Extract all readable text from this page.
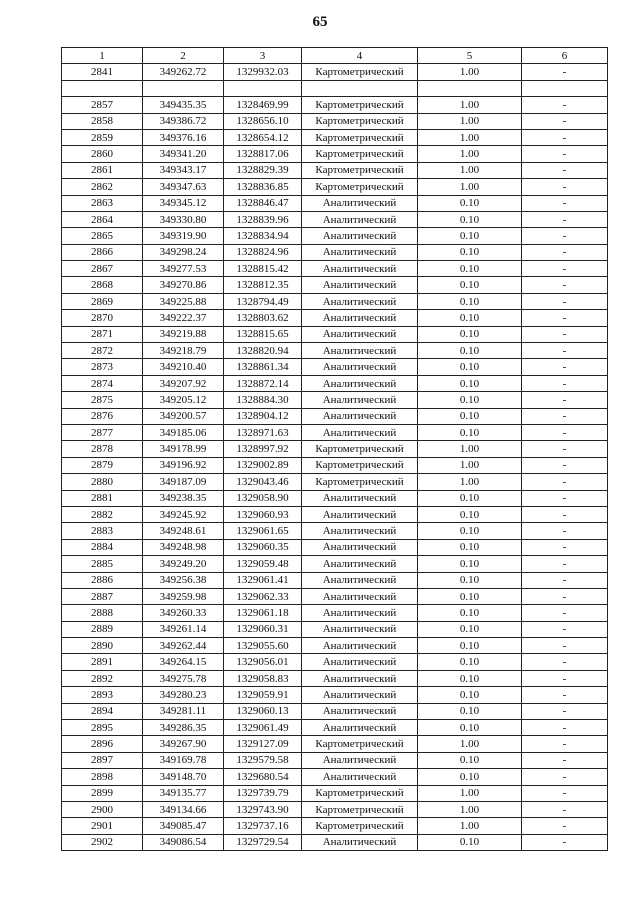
65
1	2	3	4	5	6
2841	349262.72	1329932.03	Картометрический	1.00	-

2857	349435.35	1328469.99	Картометрический	1.00	-
2858	349386.72	1328656.10	Картометрический	1.00	-
2859	349376.16	1328654.12	Картометрический	1.00	-
2860	349341.20	1328817.06	Картометрический	1.00	-
2861	349343.17	1328829.39	Картометрический	1.00	-
2862	349347.63	1328836.85	Картометрический	1.00	-
2863	349345.12	1328846.47	Аналитический	0.10	-
2864	349330.80	1328839.96	Аналитический	0.10	-
2865	349319.90	1328834.94	Аналитический	0.10	-
2866	349298.24	1328824.96	Аналитический	0.10	-
2867	349277.53	1328815.42	Аналитический	0.10	-
2868	349270.86	1328812.35	Аналитический	0.10	-
2869	349225.88	1328794.49	Аналитический	0.10	-
2870	349222.37	1328803.62	Аналитический	0.10	-
2871	349219.88	1328815.65	Аналитический	0.10	-
2872	349218.79	1328820.94	Аналитический	0.10	-
2873	349210.40	1328861.34	Аналитический	0.10	-
2874	349207.92	1328872.14	Аналитический	0.10	-
2875	349205.12	1328884.30	Аналитический	0.10	-
2876	349200.57	1328904.12	Аналитический	0.10	-
2877	349185.06	1328971.63	Аналитический	0.10	-
2878	349178.99	1328997.92	Картометрический	1.00	-
2879	349196.92	1329002.89	Картометрический	1.00	-
2880	349187.09	1329043.46	Картометрический	1.00	-
2881	349238.35	1329058.90	Аналитический	0.10	-
2882	349245.92	1329060.93	Аналитический	0.10	-
2883	349248.61	1329061.65	Аналитический	0.10	-
2884	349248.98	1329060.35	Аналитический	0.10	-
2885	349249.20	1329059.48	Аналитический	0.10	-
2886	349256.38	1329061.41	Аналитический	0.10	-
2887	349259.98	1329062.33	Аналитический	0.10	-
2888	349260.33	1329061.18	Аналитический	0.10	-
2889	349261.14	1329060.31	Аналитический	0.10	-
2890	349262.44	1329055.60	Аналитический	0.10	-
2891	349264.15	1329056.01	Аналитический	0.10	-
2892	349275.78	1329058.83	Аналитический	0.10	-
2893	349280.23	1329059.91	Аналитический	0.10	-
2894	349281.11	1329060.13	Аналитический	0.10	-
2895	349286.35	1329061.49	Аналитический	0.10	-
2896	349267.90	1329127.09	Картометрический	1.00	-
2897	349169.78	1329579.58	Аналитический	0.10	-
2898	349148.70	1329680.54	Аналитический	0.10	-
2899	349135.77	1329739.79	Картометрический	1.00	-
2900	349134.66	1329743.90	Картометрический	1.00	-
2901	349085.47	1329737.16	Картометрический	1.00	-
2902	349086.54	1329729.54	Аналитический	0.10	-
